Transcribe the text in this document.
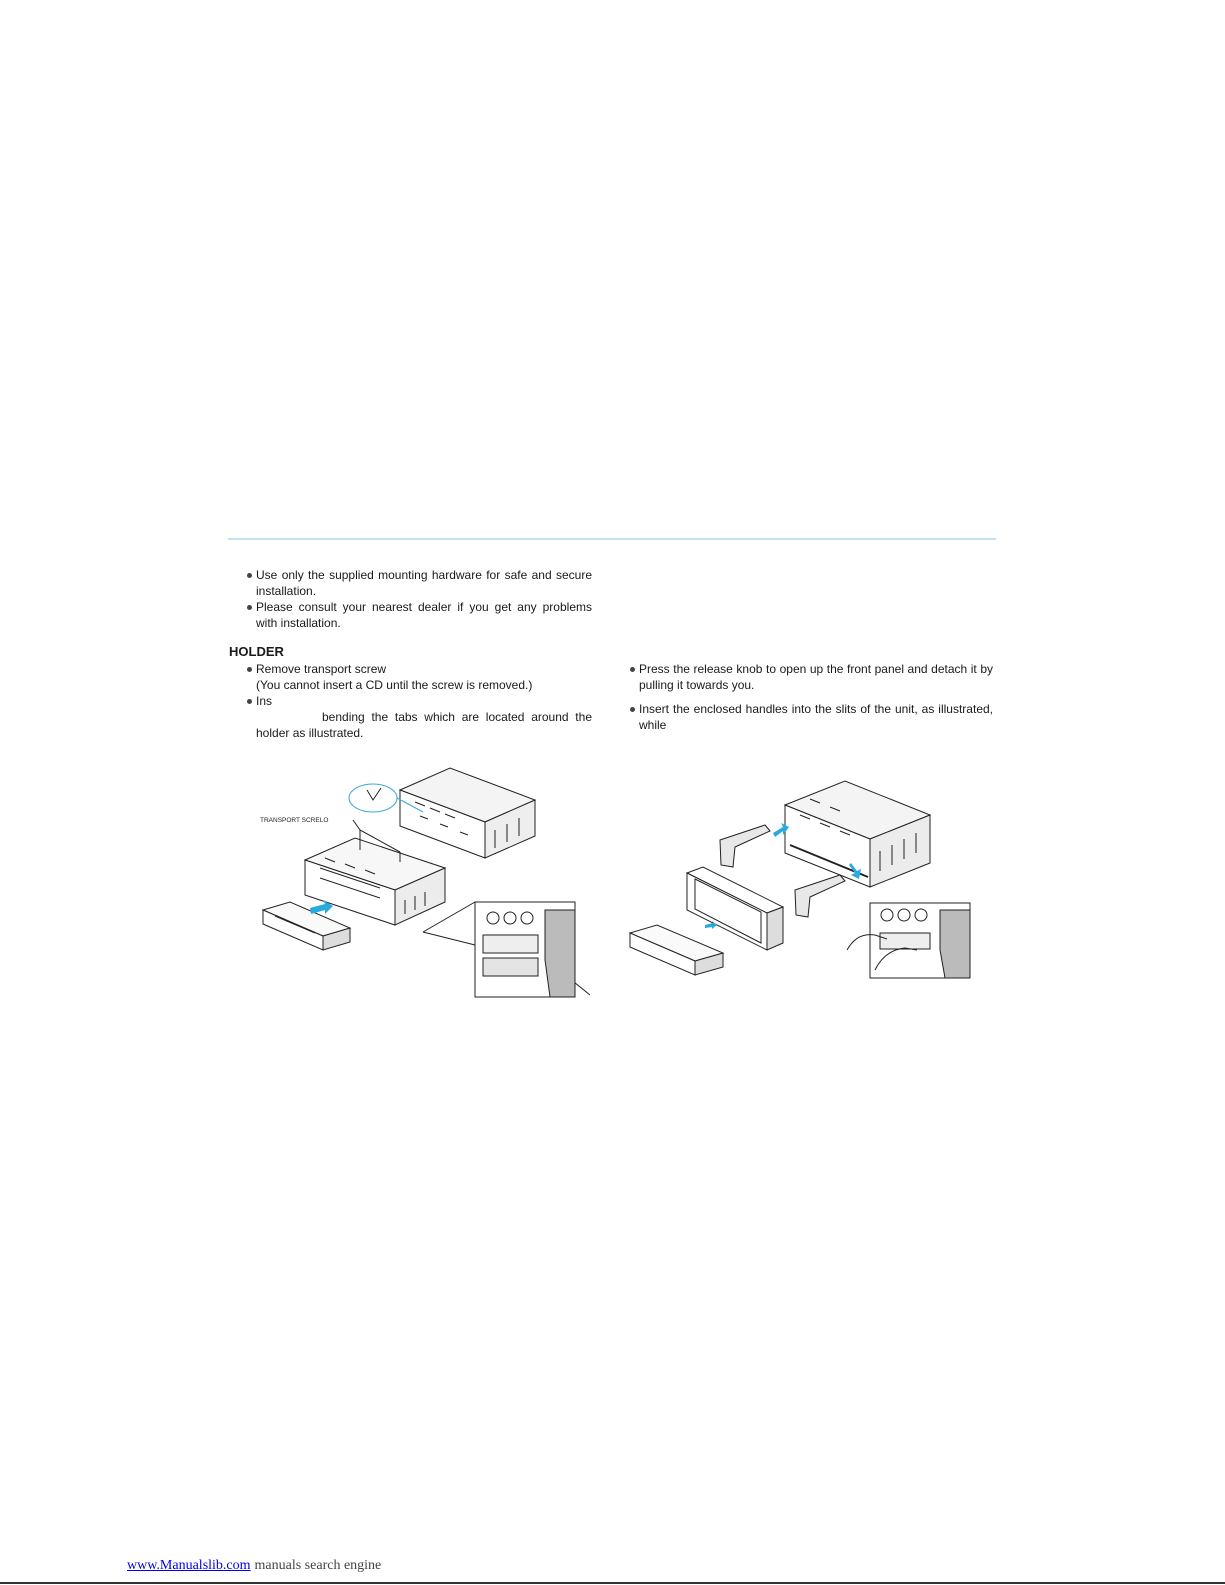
Use only the supplied mounting hardware for safe and secure installation.
Please consult your nearest dealer if you get any problems with installation.
HOLDER
Remove transport screw
(You cannot insert a CD until the screw is removed.)
Ins
bending the tabs which are located around the holder as illustrated.
Press the release knob to open up the front panel and detach it by pulling it towards you.
Insert the enclosed handles into the slits of the unit, as illustrated, while
TRANSPORT SCRELO
www.Manualslib.com manuals search engine
